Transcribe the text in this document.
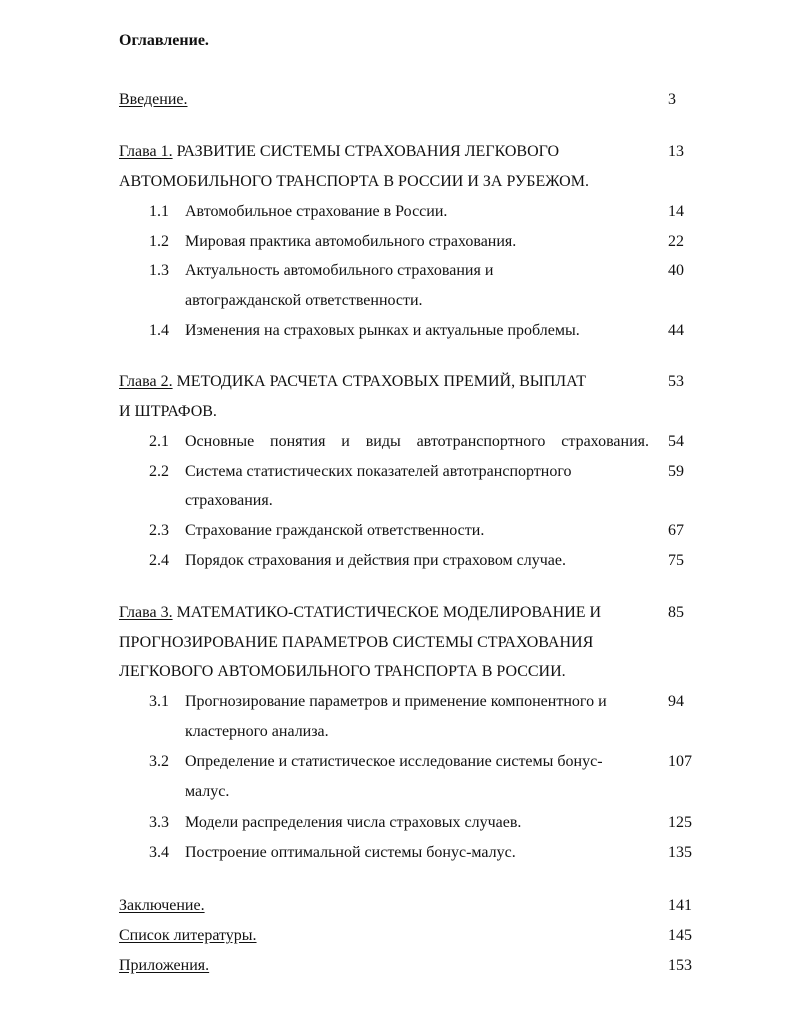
Оглавление.
Введение.	3
Глава 1. РАЗВИТИЕ СИСТЕМЫ СТРАХОВАНИЯ ЛЕГКОВОГО	13
АВТОМОБИЛЬНОГО ТРАНСПОРТА В РОССИИ И ЗА РУБЕЖОМ.
1.1 Автомобильное страхование в России.	14
1.2 Мировая практика автомобильного страхования.	22
1.3 Актуальность автомобильного страхования и	40
автогражданской ответственности.
1.4 Изменения на страховых рынках и актуальные проблемы.	44
Глава 2. МЕТОДИКА РАСЧЕТА СТРАХОВЫХ ПРЕМИЙ, ВЫПЛАТ	53
И ШТРАФОВ.
2.1 Основные понятия и виды автотранспортного страхования. 54
2.2 Система статистических показателей автотранспортного	59
страхования.
2.3 Страхование гражданской ответственности.	67
2.4 Порядок страхования и действия при страховом случае.	75
Глава 3. МАТЕМАТИКО-СТАТИСТИЧЕСКОЕ МОДЕЛИРОВАНИЕ И	85
ПРОГНОЗИРОВАНИЕ ПАРАМЕТРОВ СИСТЕМЫ СТРАХОВАНИЯ
ЛЕГКОВОГО АВТОМОБИЛЬНОГО ТРАНСПОРТА В РОССИИ.
3.1 Прогнозирование параметров и применение компонентного и	94
кластерного анализа.
3.2 Определение и статистическое исследование системы бонус-	107
малус.
3.3 Модели распределения числа страховых случаев.	125
3.4 Построение оптимальной системы бонус-малус.	135
Заключение.	141
Список литературы.	145
Приложения.	153
